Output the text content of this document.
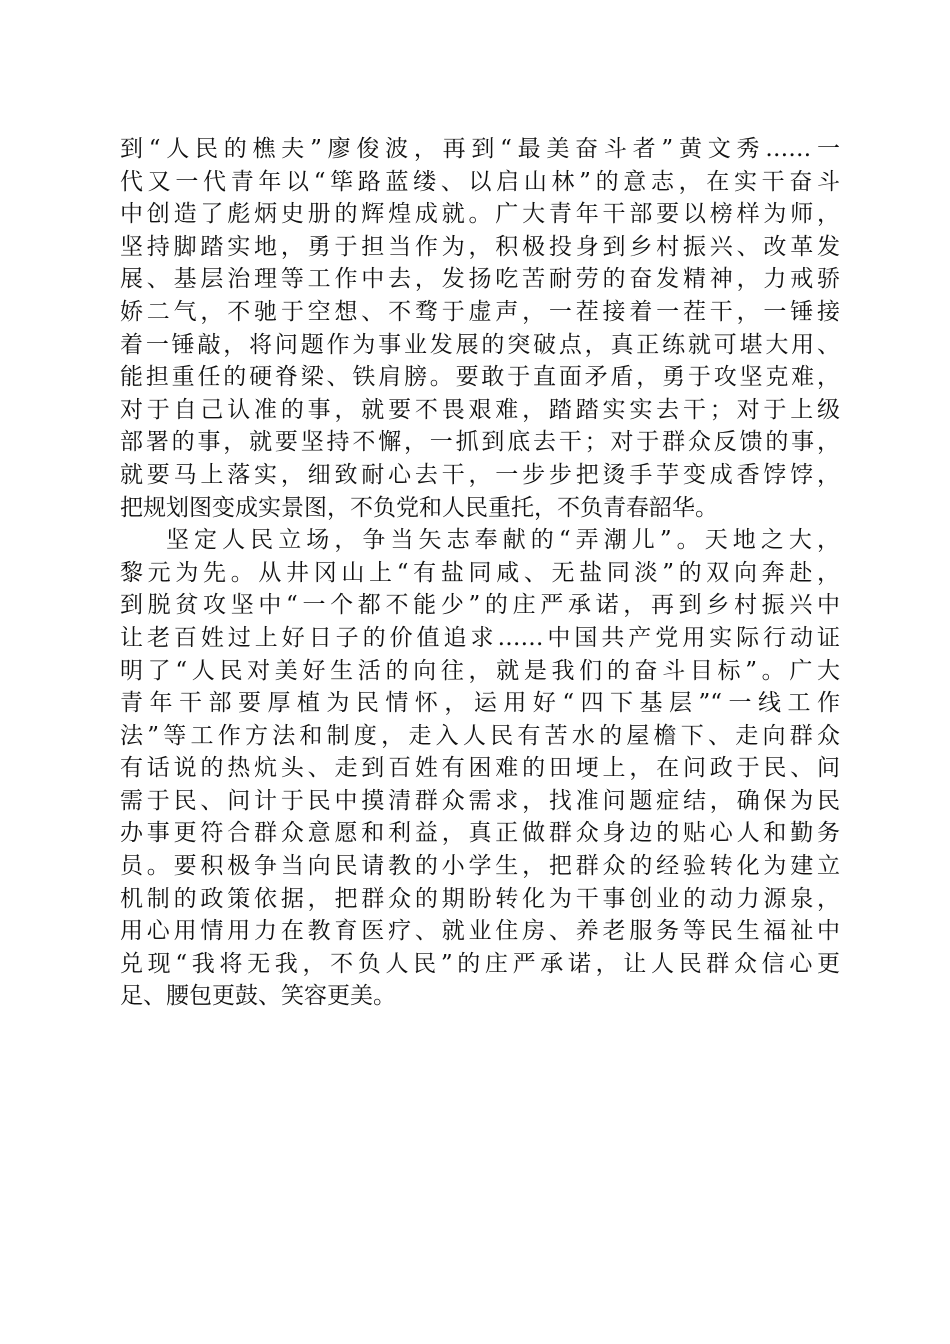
到“人民的樵夫”廖俊波，再到“最美奋斗者”黄文秀……一
代又一代青年以“筚路蓝缕、以启山林”的意志，在实干奋斗
中创造了彪炳史册的辉煌成就。广大青年干部要以榜样为师，
坚持脚踏实地，勇于担当作为，积极投身到乡村振兴、改革发
展、基层治理等工作中去，发扬吃苦耐劳的奋发精神，力戒骄
娇二气，不驰于空想、不骛于虚声，一茬接着一茬干，一锤接
着一锤敲，将问题作为事业发展的突破点，真正练就可堪大用、
能担重任的硬脊梁、铁肩膀。要敢于直面矛盾，勇于攻坚克难，
对于自己认准的事，就要不畏艰难，踏踏实实去干；对于上级
部署的事，就要坚持不懈，一抓到底去干；对于群众反馈的事，
就要马上落实，细致耐心去干，一步步把烫手芋变成香饽饽，
把规划图变成实景图，不负党和人民重托，不负青春韶华。
坚定人民立场，争当矢志奉献的“弄潮儿”。天地之大，
黎元为先。从井冈山上“有盐同咸、无盐同淡”的双向奔赴，
到脱贫攻坚中“一个都不能少”的庄严承诺，再到乡村振兴中
让老百姓过上好日子的价值追求……中国共产党用实际行动证
明了“人民对美好生活的向往，就是我们的奋斗目标”。广大
青年干部要厚植为民情怀，运用好“四下基层”“一线工作
法”等工作方法和制度，走入人民有苦水的屋檐下、走向群众
有话说的热炕头、走到百姓有困难的田埂上，在问政于民、问
需于民、问计于民中摸清群众需求，找准问题症结，确保为民
办事更符合群众意愿和利益，真正做群众身边的贴心人和勤务
员。要积极争当向民请教的小学生，把群众的经验转化为建立
机制的政策依据，把群众的期盼转化为干事创业的动力源泉，
用心用情用力在教育医疗、就业住房、养老服务等民生福祉中
兑现“我将无我，不负人民”的庄严承诺，让人民群众信心更
足、腰包更鼓、笑容更美。
